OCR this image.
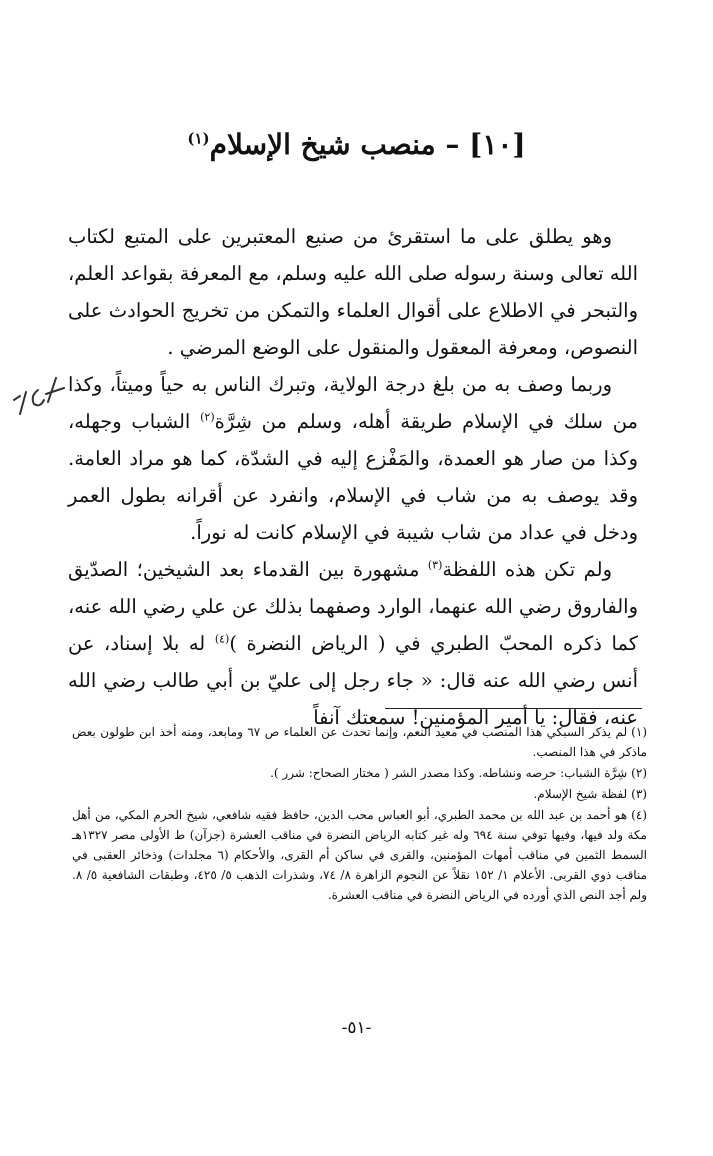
[١٠] – منصب شيخ الإسلام$^{(١)}$

وهو يطلق على ما استقرئ من صنيع المعتبرين على المتبع لكتاب الله تعالى وسنة رسوله صلى الله عليه وسلم، مع المعرفة بقواعد العلم، والتبحر في الاطلاع على أقوال العلماء والتمكن من تخريج الحوادث على النصوص، ومعرفة المعقول والمنقول على الوضع المرضي .

وربما وصف به من بلغ درجة الولاية، وتبرك الناس به حياً وميتاً، وكذا من سلك في الإسلام طريقة أهله، وسلم من شِرَّة$^{(٢)}$ الشباب وجهله، وكذا من صار هو العمدة، والمَفْزع إليه في الشدّة، كما هو مراد العامة. وقد يوصف به من شاب في الإسلام، وانفرد عن أقرانه بطول العمر ودخل في عداد من شاب شيبة في الإسلام كانت له نوراً.

ولم تكن هذه اللفظة$^{(٣)}$ مشهورة بين القدماء بعد الشيخين؛ الصدّيق والفاروق رضي الله عنهما، الوارد وصفهما بذلك عن علي رضي الله عنه، كما ذكره المحبّ الطبري في ( الرياض النضرة )$^{(٤)}$ له بلا إسناد، عن أنس رضي الله عنه قال: « جاء رجل إلى عليّ بن أبي طالب رضي الله عنه، فقال: يا أمير المؤمنين! سمعتك آنفاً

(١)لم يذكر السبكي هذا المنصب في معيد النعم، وإنما تحدث عن العلماء ص ٦٧ ومابعد، ومنه أخذ ابن طولون بعض ماذكر في هذا المنصب.
(٢)شِرَّة الشباب: حرصه ونشاطه. وكذا مصدر الشر ( مختار الصحاح: شرر ).
(٣)لفظة شيخ الإسلام.
(٤)هو أحمد بن عبد الله بن محمد الطبري، أبو العباس محب الدين، حافظ فقيه شافعي، شيخ الحرم المكي، من أهل مكة ولد فيها، وفيها توفي سنة ٦٩٤ وله غير كتابه الرياض النضرة في مناقب العشرة (جزآن) ط الأولى مصر ١٣٢٧هـ السمط الثمين في مناقب أمهات المؤمنين، والقرى في ساكن أم القرى، والأحكام (٦ مجلدات) وذخائر العقبى في مناقب ذوي القربى. الأعلام ١/ ١٥٢ نقلاً عن النجوم الزاهرة ٨/ ٧٤، وشذرات الذهب ٥/ ٤٢٥، وطبقات الشافعية ٥/ ٨. ولم أجد النص الذي أورده في الرياض النضرة في مناقب العشرة.
-٥١-
